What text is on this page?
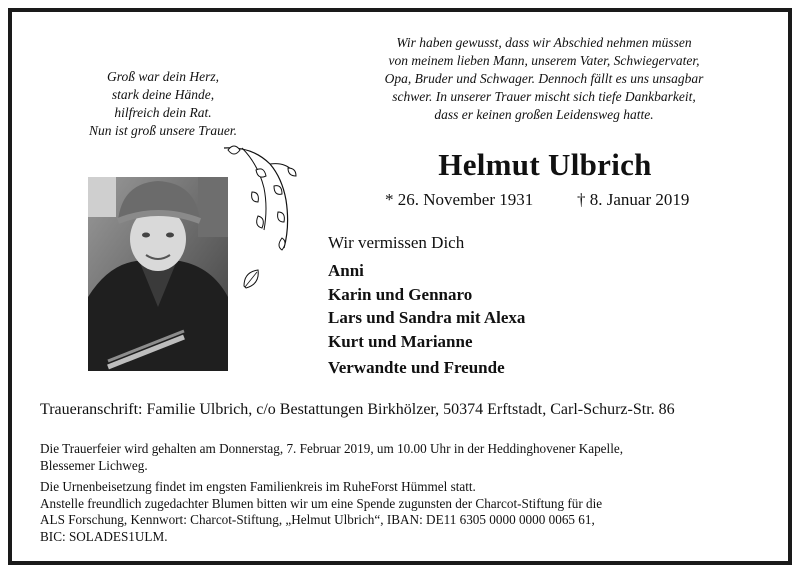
Groß war dein Herz,
stark deine Hände,
hilfreich dein Rat.
Nun ist groß unsere Trauer.
Wir haben gewusst, dass wir Abschied nehmen müssen
von meinem lieben Mann, unserem Vater, Schwiegervater,
Opa, Bruder und Schwager. Dennoch fällt es uns unsagbar
schwer. In unserer Trauer mischt sich tiefe Dankbarkeit,
dass er keinen großen Leidensweg hatte.
Helmut Ulbrich
* 26. November 1931	† 8. Januar 2019
Wir vermissen Dich
Anni
Karin und Gennaro
Lars und Sandra mit Alexa
Kurt und Marianne
Verwandte und Freunde
Traueranschrift: Familie Ulbrich, c/o Bestattungen Birkhölzer, 50374 Erftstadt, Carl-Schurz-Str. 86

Die Trauerfeier wird gehalten am Donnerstag, 7. Februar 2019, um 10.00 Uhr in der Heddinghovener Kapelle,

Blessemer Lichweg.

Die Urnenbeisetzung findet im engsten Familienkreis im RuheForst Hümmel statt.

Anstelle freundlich zugedachter Blumen bitten wir um eine Spende zugunsten der Charcot-Stiftung für die

ALS Forschung, Kennwort: Charcot-Stiftung, „Helmut Ulbrich“, IBAN: DE11 6305 0000 0000 0065 61,

BIC: SOLADES1ULM.
